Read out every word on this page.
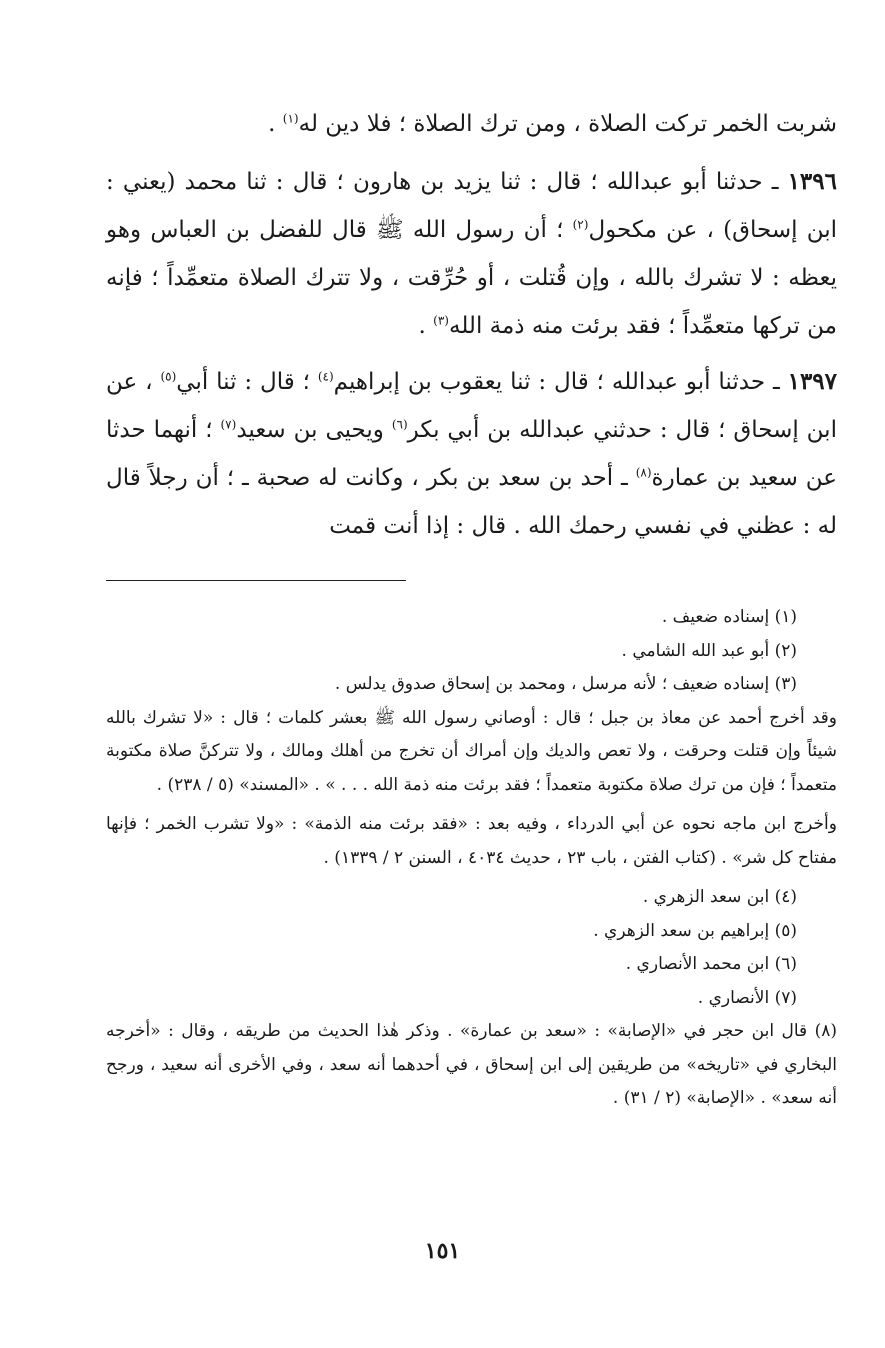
شربت الخمر تركت الصلاة ، ومن ترك الصلاة ؛ فلا دين له$^{(١)}$ .

١٣٩٦ ـ حدثنا أبو عبدالله ؛ قال : ثنا يزيد بن هارون ؛ قال : ثنا محمد (يعني : ابن إسحاق) ، عن مكحول$^{(٢)}$ ؛ أن رسول الله ﷺ قال للفضل بن العباس وهو يعظه : لا تشرك بالله ، وإن قُتلت ، أو حُرِّقت ، ولا تترك الصلاة متعمِّداً ؛ فإنه من تركها متعمِّداً ؛ فقد برئت منه ذمة الله$^{(٣)}$ .

١٣٩٧ ـ حدثنا أبو عبدالله ؛ قال : ثنا يعقوب بن إبراهيم$^{(٤)}$ ؛ قال : ثنا أبي$^{(٥)}$ ، عن ابن إسحاق ؛ قال : حدثني عبدالله بن أبي بكر$^{(٦)}$ ويحيى بن سعيد$^{(٧)}$ ؛ أنهما حدثا عن سعيد بن عمارة$^{(٨)}$ ـ أحد بن سعد بن بكر ، وكانت له صحبة ـ ؛ أن رجلاً قال له : عظني في نفسي رحمك الله . قال : إذا أنت قمت

(١) إسناده ضعيف .

(٢) أبو عبد الله الشامي .

(٣) إسناده ضعيف ؛ لأنه مرسل ، ومحمد بن إسحاق صدوق يدلس .

وقد أخرج أحمد عن معاذ بن جبل ؛ قال : أوصاني رسول الله ﷺ بعشر كلمات ؛ قال : «لا تشرك بالله شيئاً وإن قتلت وحرقت ، ولا تعص والديك وإن أمراك أن تخرج من أهلك ومالك ، ولا تتركنَّ صلاة مكتوبة متعمداً ؛ فإن من ترك صلاة مكتوبة متعمداً ؛ فقد برئت منه ذمة الله . . . » . «المسند» (٥ / ٢٣٨) .

وأخرج ابن ماجه نحوه عن أبي الدرداء ، وفيه بعد : «فقد برئت منه الذمة» : «ولا تشرب الخمر ؛ فإنها مفتاح كل شر» . (كتاب الفتن ، باب ٢٣ ، حديث ٤٠٣٤ ، السنن ٢ / ١٣٣٩) .

(٤) ابن سعد الزهري .

(٥) إبراهيم بن سعد الزهري .

(٦) ابن محمد الأنصاري .

(٧) الأنصاري .

(٨) قال ابن حجر في «الإصابة» : «سعد بن عمارة» . وذكر هٰذا الحديث من طريقه ، وقال : «أخرجه البخاري في «تاريخه» من طريقين إلى ابن إسحاق ، في أحدهما أنه سعد ، وفي الأخرى أنه سعيد ، ورجح أنه سعد» . «الإصابة» (٢ / ٣١) .

١٥١
